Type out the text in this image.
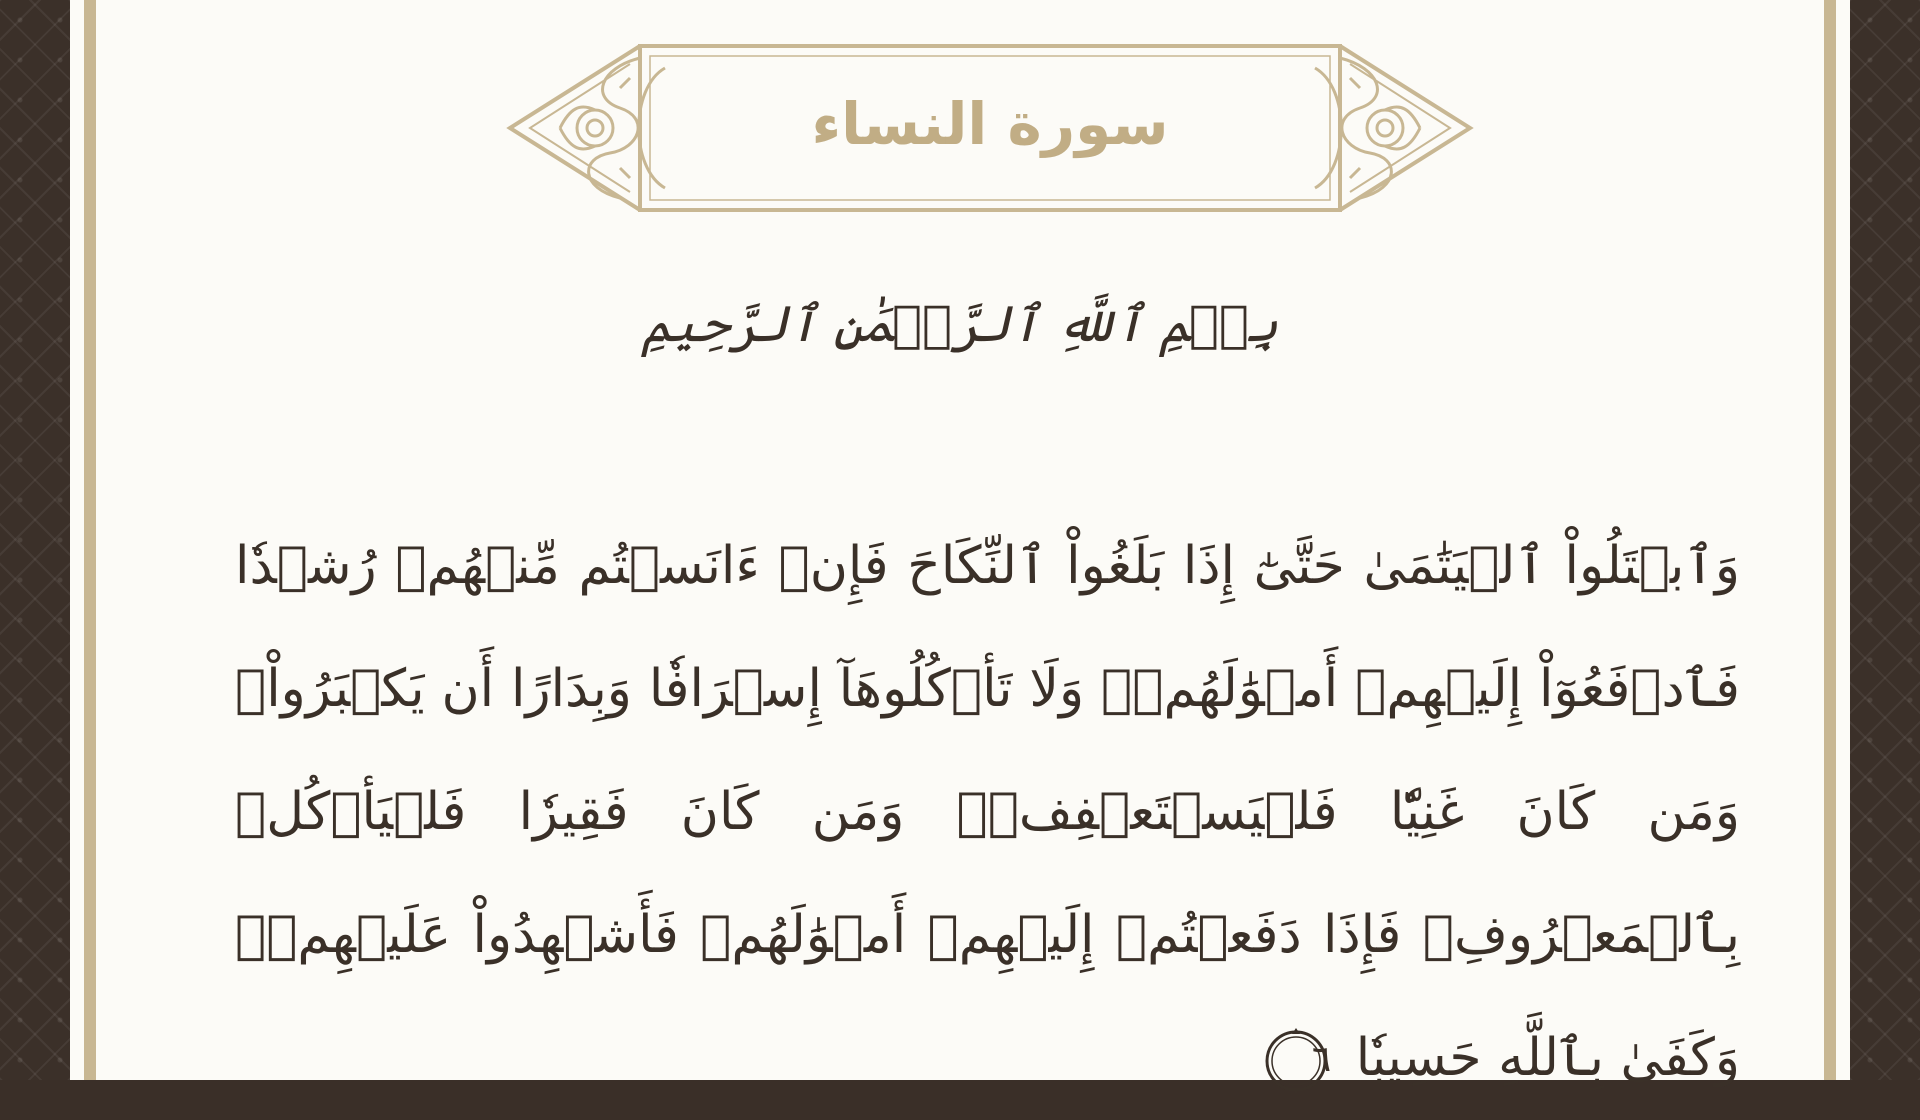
سورة النساء
بِسۡمِ ٱللَّهِ ٱلرَّحۡمَٰنِ ٱلرَّحِيمِ
وَٱبۡتَلُواْ ٱلۡيَتَٰمَىٰ حَتَّىٰٓ إِذَا بَلَغُواْ ٱلنِّكَاحَ فَإِنۡ ءَانَسۡتُم مِّنۡهُمۡ رُشۡدٗا فَٱدۡفَعُوٓاْ إِلَيۡهِمۡ أَمۡوَٰلَهُمۡۖ وَلَا تَأۡكُلُوهَآ إِسۡرَافٗا وَبِدَارًا أَن يَكۡبَرُواْۚ وَمَن كَانَ غَنِيّٗا فَلۡيَسۡتَعۡفِفۡۖ وَمَن كَانَ فَقِيرٗا فَلۡيَأۡكُلۡ بِٱلۡمَعۡرُوفِۚ فَإِذَا دَفَعۡتُمۡ إِلَيۡهِمۡ أَمۡوَٰلَهُمۡ فَأَشۡهِدُواْ عَلَيۡهِمۡۚ وَكَفَىٰ بِٱللَّهِ حَسِيبٗا
٦
